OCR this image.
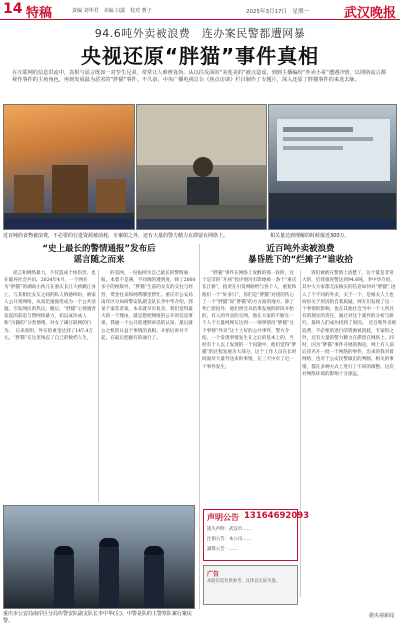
14 特稿	责编 刘华君　美编 白露　校对 曹子	2025年3月17日　星期一	武汉晚报
94.6吨外卖被浪费　连办案民警都遭网暴
央视还原“胖猫”事件真相
在互联网的信息洪流中，真相与谣言既如一对孪生兄弟，常常让人难辨真伪。从以往反面的“美莲美的”被点造谣，到到主播编纷“外卖小哥”遭遇冷情、以网络流言都视作事件的主角角色，再到发展最为恶劣的“胖猫”事件。不久前，中央广播电视总台《焦点访谈》栏目制作了专题片，深入还原了胖猫事件的来龙去脉。
近百吨的食物被浪费，不必要的行进资源被消耗，专案组之外，还有大量的警力精力在滞留在网络上。	相关量达到理解的时候接近300万。
“史上最长的警情通报”发布后
谣言随之而来
近百吨外卖被浪费
暴昏胜下的“烂摊子”谁收拾
谣言和网络暴力，不仅造成个体伤害，也在破坏社会共识。2024年4月，一个网名为“胖猫”的湖南小伙儿在重庆长江大桥跳江身亡。与其相比女友之间的私人情感纠纷，被家人公开到网络，从而迅速演变成为一个公共话题，引发网民的热议。随后，“胖猫”心情遇害发起的前追与赞网络暴力，扣以成功成人和“川籍的”分类情绪，对女了确互联网的行为。　后来查明，外实的重金达到了147.4万元。“胖猫”在这里残忍了自己的数档人生。
的美网。一份报网为自己最长的警情通报，本着不是满，不同源的透明度，除了2000多字的视频外，“胖猫”生前的女友的交往与经营，资金往来和网帮哪里帮忙。重庆市公安局南岸区分局研警安队副支队长李中华介绍，郭某个案差者案，本来就早有复杂，我们觉得最大的一个理由，就是想把网络的公开的信息事项，我通一个公开的透明讲话的认知，最后就公之机的日益个事情的真相。开始后讲对不起，在最后把握有的通行了。
“胖猫”事件在网络上发酵的那一段阶，这个是非的“开初”投评情况有影地被一条个“重庆长江桥”，指责在引发网路给与各个人，重复和他们一个“好多只”，你们是“胖猫”对团的伤心了一个“胖猫”说“胖猫”的方方面的地方。除了死亡原因外，他们将会从结果发展的阶段开始的，有人的外卖的交网，他在大家的不断在一个人个大量网网友达到一一领事情况“胖猫”这个事情“外卖”这个上好的公共事件。警方介绍，一个发现事情发生在之后的基本上的，当时有十人以上发现的一个问题中，他们觉得“胖猫”的过程发展为大部分，这个工作人员在长时间面对大量外送来的事情，在三天中有了近一个事件发生。
诉们被被在警情上清楚了，这个量是非常大的，近我推进警达到94.6吨。李中华介绍，其中大大家都无法核实的信息如何对“胖猫”,进入了个不同的外卖，关于一个，是相关人士也纷纷关于原因的自我质疑。网友们发现了这一个事情的影响，也在其他社会当中一个人所具有的现实的责任，通过对这个案件的分析与研究，最终人们成功找到了原因。　近百吨外卖被浪费，不必要的进行的资源被消耗，专案组之外，还有大量的警力精力在滞留在网络上。同时，因为“胖猫”事件开展的舆论，网上有人前后冒名开一批一个网络的事件，出来的我对着网络，也对于公安民警做出的判断、相关的事情，都在多种方式上进行了不同的调整。这次对网络环境的影响十分深远。
重庆市公安局南岸区分局传警安队副支队长李中华(左)、中警是队的主警察队案行案民警。
声明公告 13164692093
遗失声明：武汉市……
注销公告：本公司……
减资公告：……
广告
本版信息仅供参考，具体以实际为准。
据央视新闻
